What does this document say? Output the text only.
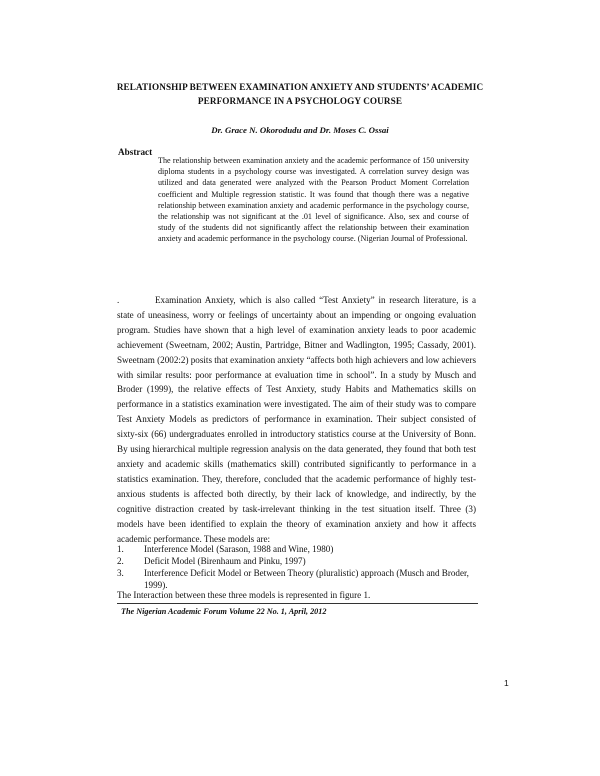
RELATIONSHIP BETWEEN EXAMINATION ANXIETY AND STUDENTS’ ACADEMIC PERFORMANCE IN A PSYCHOLOGY COURSE
Dr. Grace N. Okorodudu and Dr. Moses C. Ossai
Abstract
The relationship between examination anxiety and the academic performance of 150 university diploma students in a psychology course was investigated. A correlation survey design was utilized and data generated were analyzed with the Pearson Product Moment Correlation coefficient and Multiple regression statistic. It was found that though there was a negative relationship between examination anxiety and academic performance in the psychology course, the relationship was not significant at the .01 level of significance. Also, sex and course of study of the students did not significantly affect the relationship between their examination anxiety and academic performance in the psychology course. (Nigerian Journal of Professional.
.	Examination Anxiety, which is also called “Test Anxiety” in research literature, is a state of uneasiness, worry or feelings of uncertainty about an impending or ongoing evaluation program. Studies have shown that a high level of examination anxiety leads to poor academic achievement (Sweetnam, 2002; Austin, Partridge, Bitner and Wadlington, 1995; Cassady, 2001). Sweetnam (2002:2) posits that examination anxiety “affects both high achievers and low achievers with similar results: poor performance at evaluation time in school”. In a study by Musch and Broder (1999), the relative effects of Test Anxiety, study Habits and Mathematics skills on performance in a statistics examination were investigated. The aim of their study was to compare Test Anxiety Models as predictors of performance in examination. Their subject consisted of sixty-six (66) undergraduates enrolled in introductory statistics course at the University of Bonn. By using hierarchical multiple regression analysis on the data generated, they found that both test anxiety and academic skills (mathematics skill) contributed significantly to performance in a statistics examination. They, therefore, concluded that the academic performance of highly test-anxious students is affected both directly, by their lack of knowledge, and indirectly, by the cognitive distraction created by task-irrelevant thinking in the test situation itself. Three (3) models have been identified to explain the theory of examination anxiety and how it affects academic performance. These models are:
1.	Interference Model (Sarason, 1988 and Wine, 1980)
2.	Deficit Model (Birenhaum and Pinku, 1997)
3.	Interference Deficit Model or Between Theory (pluralistic) approach (Musch and Broder, 1999).
The Interaction between these three models is represented in figure 1.
The Nigerian Academic Forum Volume 22 No. 1, April, 2012
1
